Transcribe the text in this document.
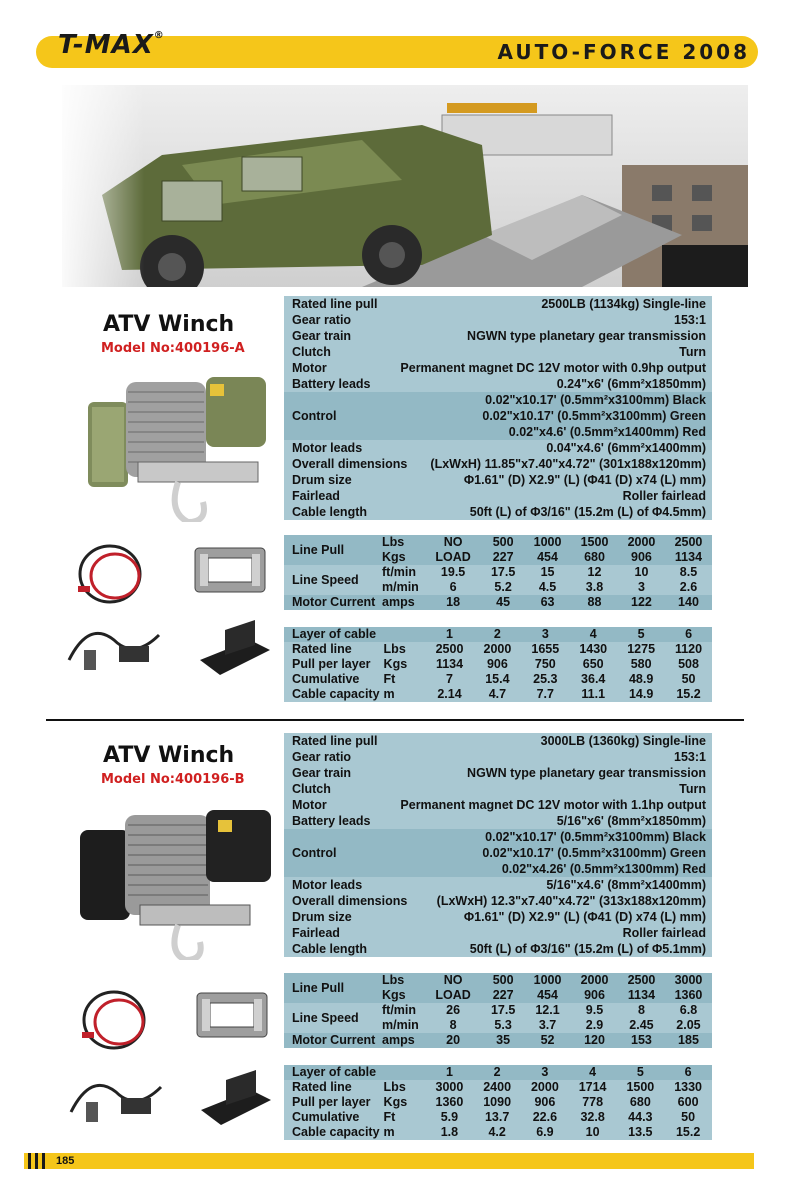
T-MAX®
AUTO-FORCE 2008
ATV Winch
Model No:400196-A
Rated line pull	2500LB (1134kg) Single-line
Gear ratio	153:1
Gear train	NGWN type planetary gear transmission
Clutch	Turn
Motor	Permanent magnet DC 12V motor with 0.9hp output
Battery leads	0.24"x6' (6mm²x1850mm)
Control
0.02"x10.17' (0.5mm²x3100mm) Black
0.02"x10.17' (0.5mm²x3100mm) Green
0.02"x4.6' (0.5mm²x1400mm) Red
Motor leads	0.04"x4.6' (6mm²x1400mm)
Overall dimensions (LxWxH) 11.85"x7.40"x4.72" (301x188x120mm)
Drum size	Φ1.61" (D) X2.9" (L) (Φ41 (D) x74 (L) mm)
Fairlead	Roller fairlead
Cable length	50ft (L) of Φ3/16" (15.2m (L) of Φ4.5mm)
Line Pull	Lbs	NO	500	1000	1500	2000	2500
	Kgs	LOAD	227	454	680	906	1134
Line Speed	ft/min	19.5	17.5	15	12	10	8.5
	m/min	6	5.2	4.5	3.8	3	2.6
Motor Current	amps	18	45	63	88	122	140
Layer of cable		1	2	3	4	5	6
Rated line	Lbs	2500	2000	1655	1430	1275	1120
Pull per layer	Kgs	1134	906	750	650	580	508
Cumulative	Ft	7	15.4	25.3	36.4	48.9	50
Cable capacity	m	2.14	4.7	7.7	11.1	14.9	15.2
ATV Winch
Model No:400196-B
Rated line pull	3000LB (1360kg) Single-line
Gear ratio	153:1
Gear train	NGWN type planetary gear transmission
Clutch	Turn
Motor	Permanent magnet DC 12V motor with 1.1hp output
Battery leads	5/16"x6' (8mm²x1850mm)
Control
0.02"x10.17' (0.5mm²x3100mm) Black
0.02"x10.17' (0.5mm²x3100mm) Green
0.02"x4.26' (0.5mm²x1300mm) Red
Motor leads	5/16"x4.6' (8mm²x1400mm)
Overall dimensions (LxWxH) 12.3"x7.40"x4.72" (313x188x120mm)
Drum size	Φ1.61" (D) X2.9" (L) (Φ41 (D) x74 (L) mm)
Fairlead	Roller fairlead
Cable length	50ft (L) of Φ3/16" (15.2m (L) of Φ5.1mm)
Line Pull	Lbs	NO	500	1000	2000	2500	3000
	Kgs	LOAD	227	454	906	1134	1360
Line Speed	ft/min	26	17.5	12.1	9.5	8	6.8
	m/min	8	5.3	3.7	2.9	2.45	2.05
Motor Current	amps	20	35	52	120	153	185
Layer of cable		1	2	3	4	5	6
Rated line	Lbs	3000	2400	2000	1714	1500	1330
Pull per layer	Kgs	1360	1090	906	778	680	600
Cumulative	Ft	5.9	13.7	22.6	32.8	44.3	50
Cable capacity	m	1.8	4.2	6.9	10	13.5	15.2
185
